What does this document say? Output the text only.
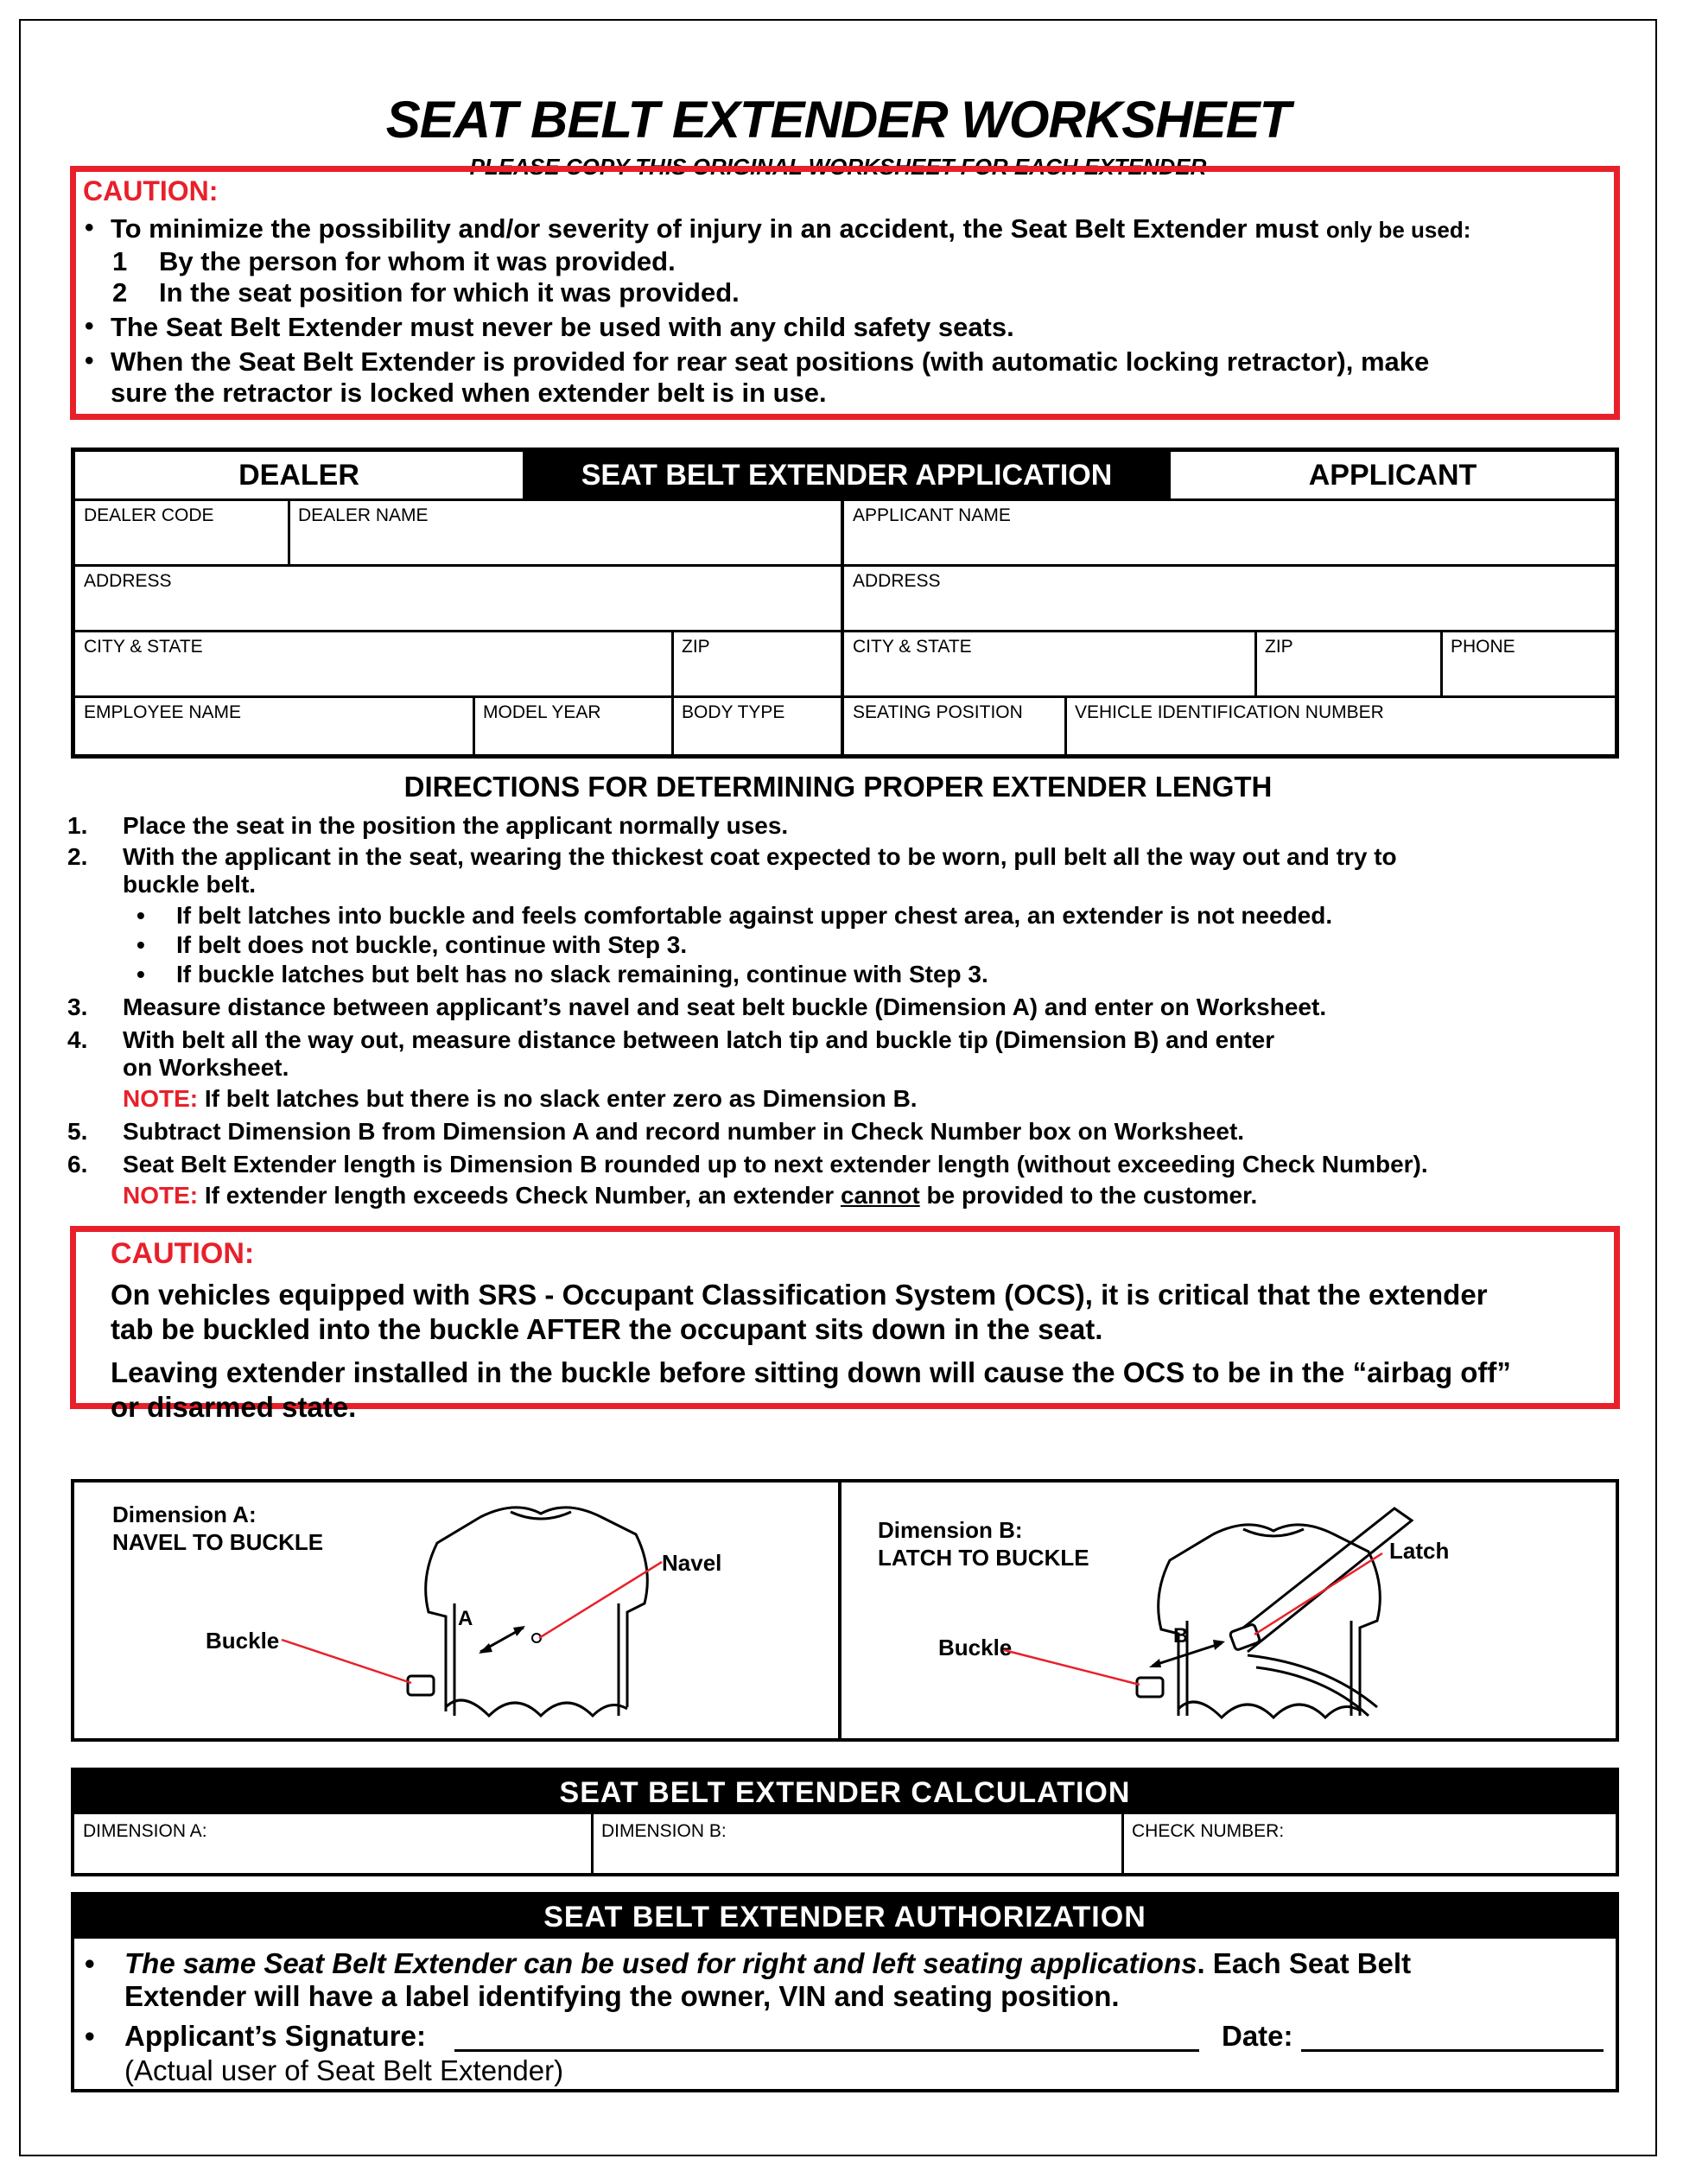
SEAT BELT EXTENDER WORKSHEET
PLEASE COPY THIS ORIGINAL WORKSHEET FOR EACH EXTENDER
CAUTION:
• To minimize the possibility and/or severity of injury in an accident, the Seat Belt Extender must only be used:
1 By the person for whom it was provided.
2 In the seat position for which it was provided.
• The Seat Belt Extender must never be used with any child safety seats.
• When the Seat Belt Extender is provided for rear seat positions (with automatic locking retractor), make
sure the retractor is locked when extender belt is in use.
DEALER	SEAT BELT EXTENDER APPLICATION	APPLICANT
DEALER CODE	DEALER NAME	APPLICANT NAME
ADDRESS	ADDRESS
CITY & STATE	ZIP	CITY & STATE	ZIP	PHONE
EMPLOYEE NAME	MODEL YEAR	BODY TYPE	SEATING POSITION	VEHICLE IDENTIFICATION NUMBER
DIRECTIONS FOR DETERMINING PROPER EXTENDER LENGTH
1. Place the seat in the position the applicant normally uses.
2. With the applicant in the seat, wearing the thickest coat expected to be worn, pull belt all the way out and try to
buckle belt.
• If belt latches into buckle and feels comfortable against upper chest area, an extender is not needed.
• If belt does not buckle, continue with Step 3.
• If buckle latches but belt has no slack remaining, continue with Step 3.
3. Measure distance between applicant’s navel and seat belt buckle (Dimension A) and enter on Worksheet.
4. With belt all the way out, measure distance between latch tip and buckle tip (Dimension B) and enter
on Worksheet.
NOTE: If belt latches but there is no slack enter zero as Dimension B.
5. Subtract Dimension B from Dimension A and record number in Check Number box on Worksheet.
6. Seat Belt Extender length is Dimension B rounded up to next extender length (without exceeding Check Number).
NOTE: If extender length exceeds Check Number, an extender cannot be provided to the customer.
CAUTION:
On vehicles equipped with SRS - Occupant Classification System (OCS), it is critical that the extender
tab be buckled into the buckle AFTER the occupant sits down in the seat.
Leaving extender installed in the buckle before sitting down will cause the OCS to be in the “airbag off”
or disarmed state.
Dimension A:
NAVEL TO BUCKLE
Buckle
Navel
A
Dimension B:
LATCH TO BUCKLE
Buckle
Latch
B
SEAT BELT EXTENDER CALCULATION
DIMENSION A:	DIMENSION B:	CHECK NUMBER:
SEAT BELT EXTENDER AUTHORIZATION
• The same Seat Belt Extender can be used for right and left seating applications. Each Seat Belt
Extender will have a label identifying the owner, VIN and seating position.
• Applicant’s Signature:	Date:
(Actual user of Seat Belt Extender)
